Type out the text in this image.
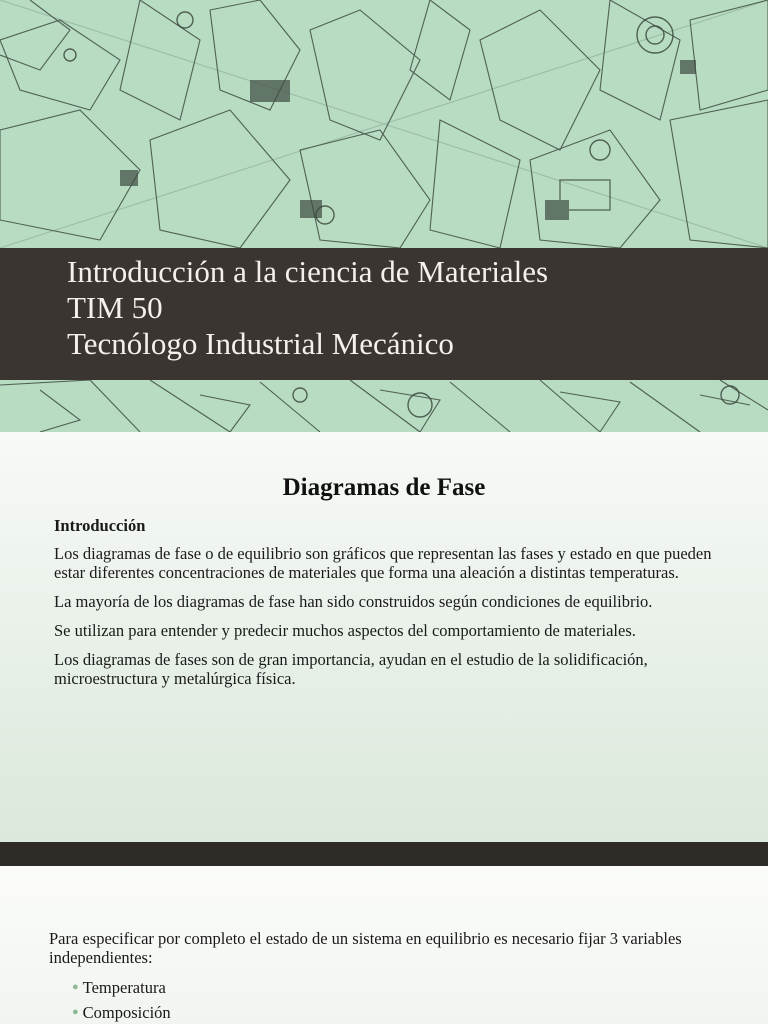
Introducción a la ciencia de Materiales
TIM 50
Tecnólogo Industrial Mecánico
Diagramas de Fase
Introducción

Los diagramas de fase o de equilibrio son gráficos que representan las fases y estado en que pueden estar diferentes concentraciones de materiales que forma una aleación a distintas temperaturas.

La mayoría de los diagramas de fase han sido construidos según condiciones de equilibrio.

Se utilizan para entender y predecir muchos aspectos del comportamiento de materiales.

Los diagramas de fases son de gran importancia, ayudan en el estudio de la solidificación, microestructura y metalúrgica física.

Para especificar por completo el estado de un sistema en equilibrio es necesario fijar 3 variables independientes:

● Temperatura
● Composición
